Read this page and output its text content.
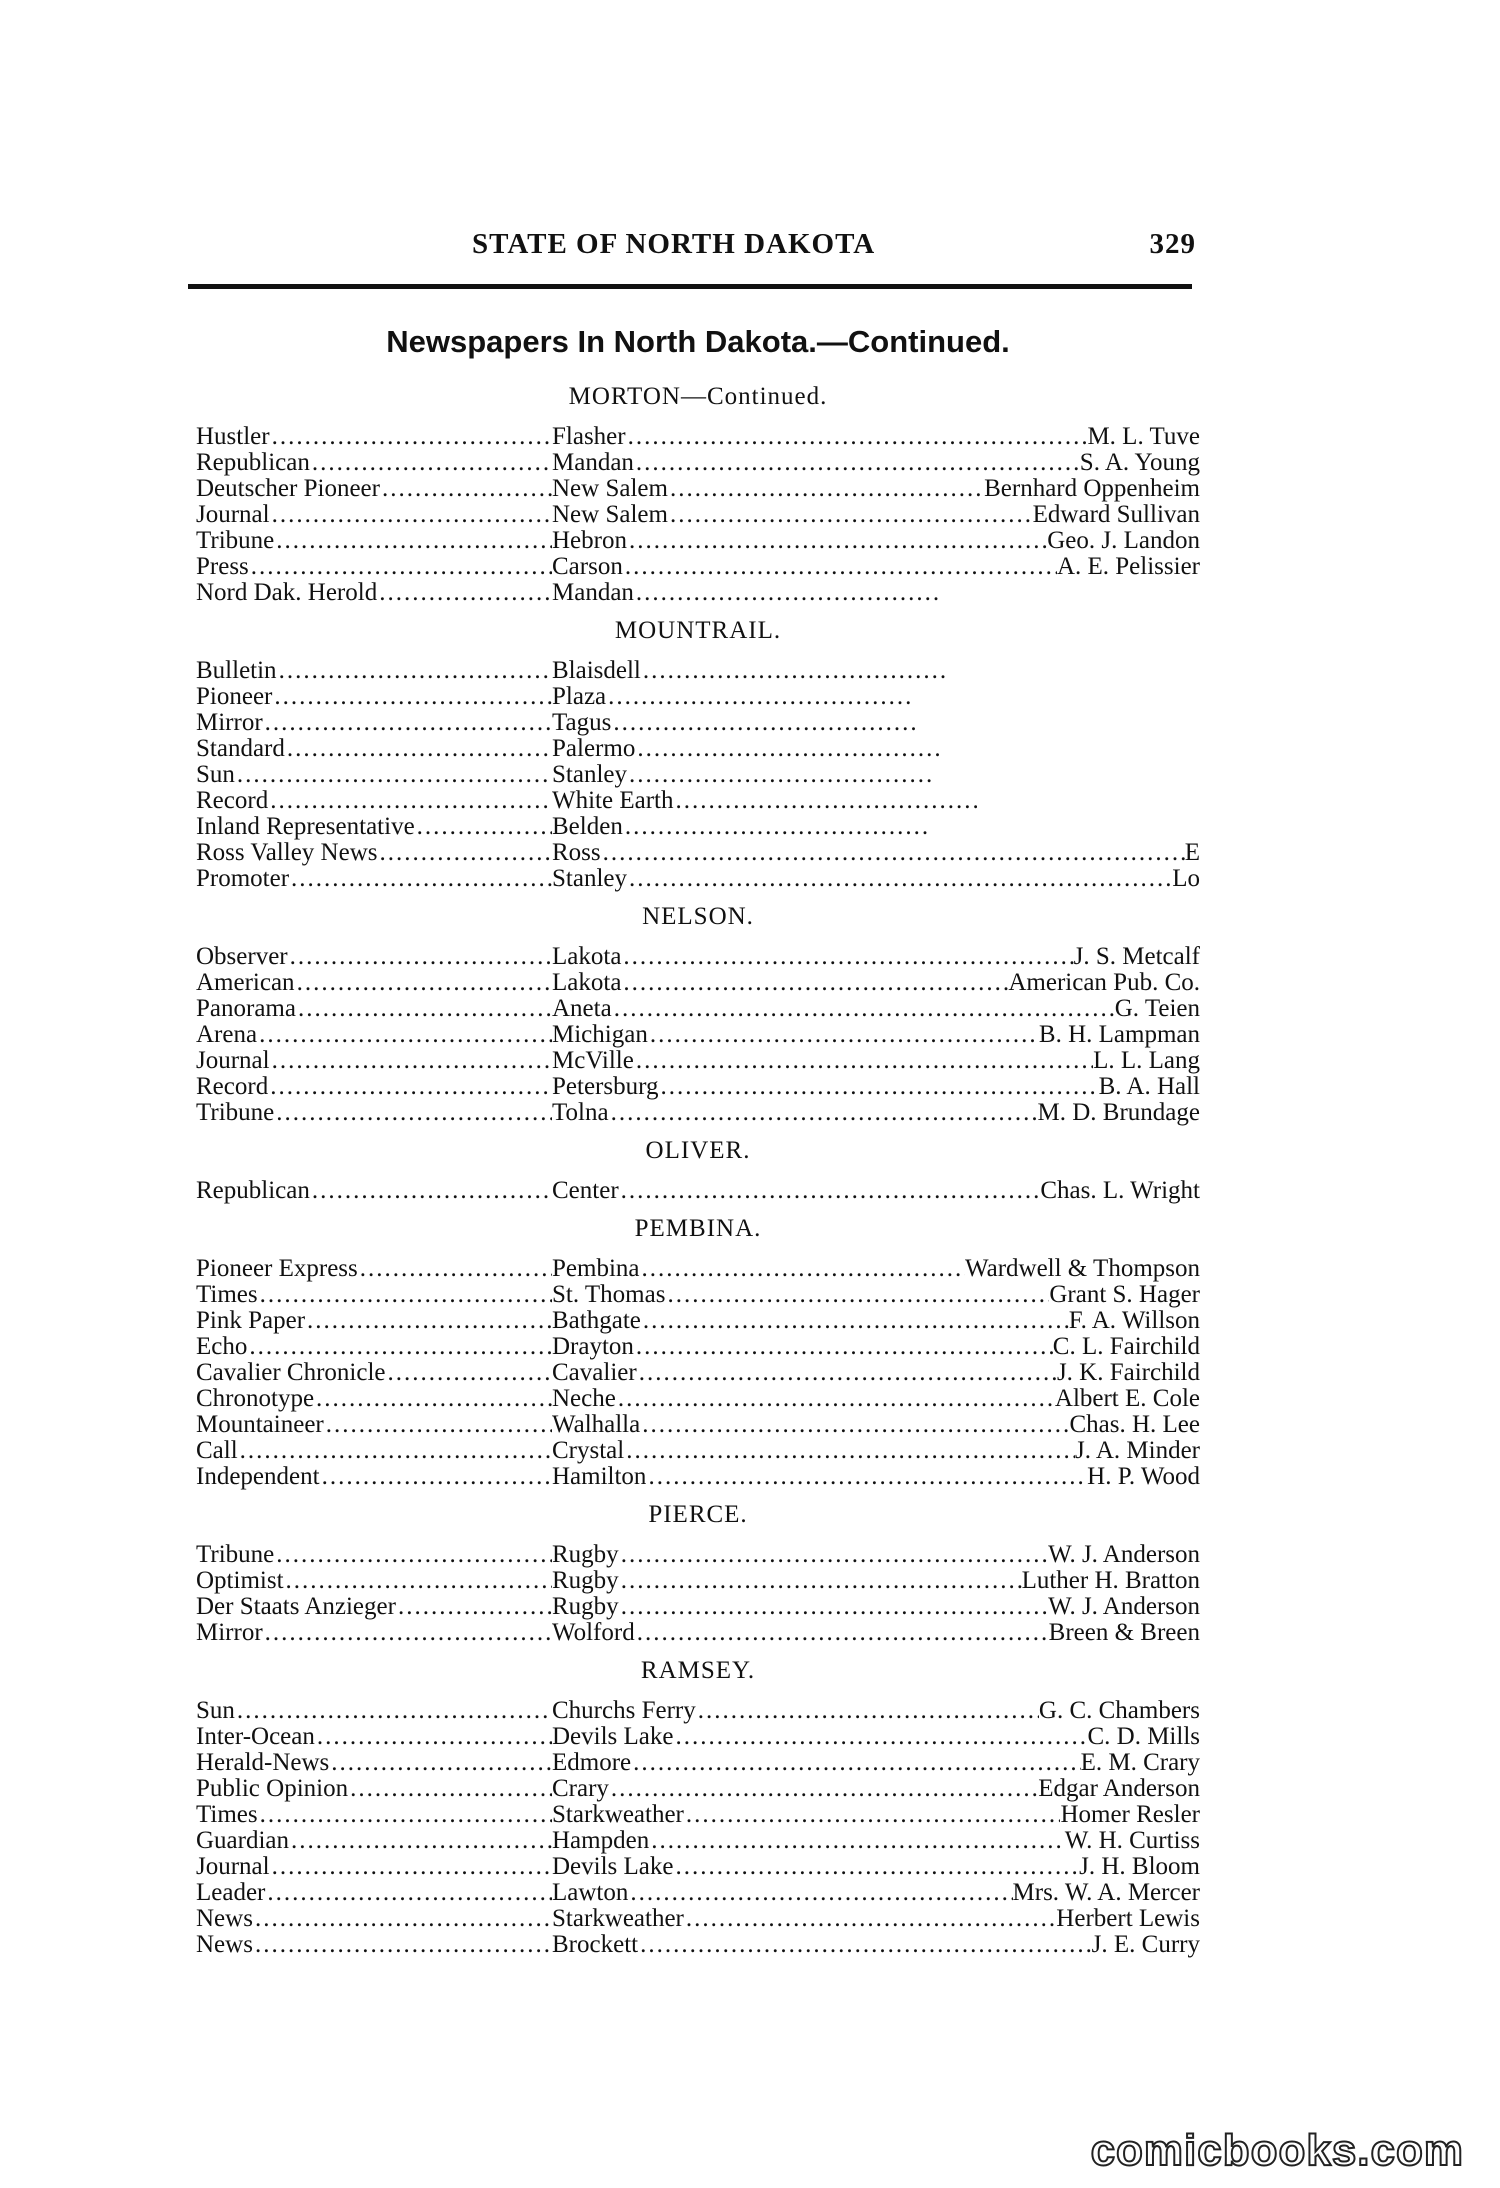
STATE OF NORTH DAKOTA	329
Newspapers In North Dakota.—Continued.
MORTON—Continued.
Hustler .....	Flasher .....	M. L. Tuve
Republican .....	Mandan .....	S. A. Young
Deutscher Pioneer .....	New Salem .....	Bernhard Oppenheim
Journal .....	New Salem .....	Edward Sullivan
Tribune .....	Hebron .....	Geo. J. Landon
Press .....	Carson .....	A. E. Pelissier
Nord Dak. Herold .....	Mandan
.....
MOUNTRAIL.
Bulletin .....	Blaisdell
.....
Pioneer .....	Plaza
.....
Mirror .....	Tagus
.....
Standard .....	Palermo
.....
Sun .....	Stanley
.....
Record .....	White Earth
.....
Inland Representative .....	Belden
.....
Ross Valley News .....	Ross .....	E
Promoter .....	Stanley .....	Lo
NELSON.
Observer .....	Lakota .....	J. S. Metcalf
American .....	Lakota .....	American Pub. Co.
Panorama .....	Aneta .....	G. Teien
Arena .....	Michigan .....	B. H. Lampman
Journal .....	McVille .....	L. L. Lang
Record .....	Petersburg .....	B. A. Hall
Tribune .....	Tolna .....	M. D. Brundage
OLIVER.
Republican .....	Center .....	Chas. L. Wright
PEMBINA.
Pioneer Express .....	Pembina .....	Wardwell & Thompson
Times .....	St. Thomas .....	Grant S. Hager
Pink Paper .....	Bathgate .....	F. A. Willson
Echo .....	Drayton .....	C. L. Fairchild
Cavalier Chronicle .....	Cavalier .....	J. K. Fairchild
Chronotype .....	Neche .....	Albert E. Cole
Mountaineer .....	Walhalla .....	Chas. H. Lee
Call .....	Crystal .....	J. A. Minder
Independent .....	Hamilton .....	H. P. Wood
PIERCE.
Tribune .....	Rugby .....	W. J. Anderson
Optimist .....	Rugby .....	Luther H. Bratton
Der Staats Anzieger .....	Rugby .....	W. J. Anderson
Mirror .....	Wolford .....	Breen & Breen
RAMSEY.
Sun .....	Churchs Ferry .....	G. C. Chambers
Inter-Ocean .....	Devils Lake .....	C. D. Mills
Herald-News .....	Edmore .....	E. M. Crary
Public Opinion .....	Crary .....	Edgar Anderson
Times .....	Starkweather .....	Homer Resler
Guardian .....	Hampden .....	W. H. Curtiss
Journal .....	Devils Lake .....	J. H. Bloom
Leader .....	Lawton .....	Mrs. W. A. Mercer
News .....	Starkweather .....	Herbert Lewis
News .....	Brockett .....	J. E. Curry
comicbooks.com
